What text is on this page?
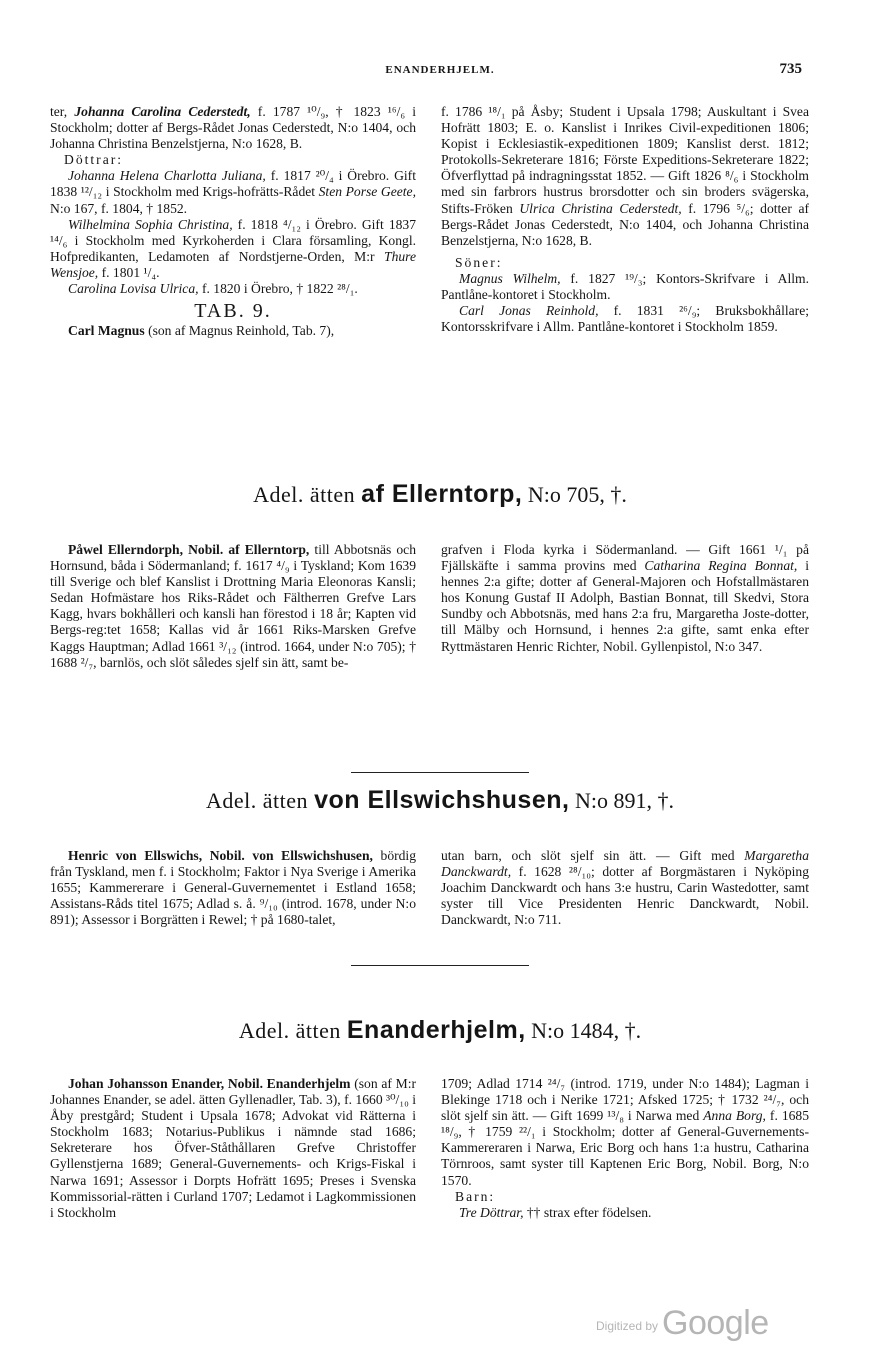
ENANDERHJELM.	735

ter, Johanna Carolina Cederstedt, f. 1787 ¹⁰/₉, † 1823 ¹⁶/₆ i Stockholm; dotter af Bergs-Rådet Jonas Cederstedt, N:o 1404, och Johanna Christina Benzelstjerna, N:o 1628, B.

Döttrar:

Johanna Helena Charlotta Juliana, f. 1817 ²⁰/₄ i Örebro. Gift 1838 ¹²/₁₂ i Stockholm med Krigs-hofrätts-Rådet Sten Porse Geete, N:o 167, f. 1804, † 1852.

Wilhelmina Sophia Christina, f. 1818 ⁴/₁₂ i Örebro. Gift 1837 ¹⁴/₆ i Stockholm med Kyrkoherden i Clara församling, Kongl. Hofpredikanten, Ledamoten af Nordstjerne-Orden, M:r Thure Wensjoe, f. 1801 ¹/₄.

Carolina Lovisa Ulrica, f. 1820 i Örebro, † 1822 ²⁸/₁.

TAB. 9.

Carl Magnus (son af Magnus Reinhold, Tab. 7),

f. 1786 ¹⁸/₁ på Åsby; Student i Upsala 1798; Auskultant i Svea Hofrätt 1803; E. o. Kanslist i Inrikes Civil-expeditionen 1806; Kopist i Ecklesiastik-expeditionen 1809; Kanslist derst. 1812; Protokolls-Sekreterare 1816; Förste Expeditions-Sekreterare 1822; Öfverflyttad på indragningsstat 1852. — Gift 1826 ⁸/₆ i Stockholm med sin farbrors hustrus brorsdotter och sin broders svägerska, Stifts-Fröken Ulrica Christina Cederstedt, f. 1796 ⁵/₆; dotter af Bergs-Rådet Jonas Cederstedt, N:o 1404, och Johanna Christina Benzelstjerna, N:o 1628, B.

Söner:

Magnus Wilhelm, f. 1827 ¹⁹/₃; Kontors-Skrifvare i Allm. Pantlåne-kontoret i Stockholm.

Carl Jonas Reinhold, f. 1831 ²⁶/₉; Bruksbokhållare; Kontorsskrifvare i Allm. Pantlåne-kontoret i Stockholm 1859.

Adel. ätten af Ellerntorp, N:o 705, †.

Påwel Ellerndorph, Nobil. af Ellerntorp, till Abbotsnäs och Hornsund, båda i Södermanland; f. 1617 ⁴/₉ i Tyskland; Kom 1639 till Sverige och blef Kanslist i Drottning Maria Eleonoras Kansli; Sedan Hofmästare hos Riks-Rådet och Fältherren Grefve Lars Kagg, hvars bokhålleri och kansli han förestod i 18 år; Kapten vid Bergs-reg:tet 1658; Kallas vid år 1661 Riks-Marsken Grefve Kaggs Hauptman; Adlad 1661 ³/₁₂ (introd. 1664, under N:o 705); † 1688 ²/₇, barnlös, och slöt således sjelf sin ätt, samt be-

grafven i Floda kyrka i Södermanland. — Gift 1661 ¹/₁ på Fjällskäfte i samma provins med Catharina Regina Bonnat, i hennes 2:a gifte; dotter af General-Majoren och Hofstallmästaren hos Konung Gustaf II Adolph, Bastian Bonnat, till Skedvi, Stora Sundby och Abbotsnäs, med hans 2:a fru, Margaretha Joste-dotter, till Mälby och Hornsund, i hennes 2:a gifte, samt enka efter Ryttmästaren Henric Richter, Nobil. Gyllenpistol, N:o 347.

Adel. ätten von Ellswichshusen, N:o 891, †.

Henric von Ellswichs, Nobil. von Ellswichshusen, bördig från Tyskland, men f. i Stockholm; Faktor i Nya Sverige i Amerika 1655; Kammererare i General-Guvernementet i Estland 1658; Assistans-Råds titel 1675; Adlad s. å. ⁹/₁₀ (introd. 1678, under N:o 891); Assessor i Borgrätten i Rewel; † på 1680-talet,

utan barn, och slöt sjelf sin ätt. — Gift med Margaretha Danckwardt, f. 1628 ²⁸/₁₀; dotter af Borgmästaren i Nyköping Joachim Danckwardt och hans 3:e hustru, Carin Wastedotter, samt syster till Vice Presidenten Henric Danckwardt, Nobil. Danckwardt, N:o 711.

Adel. ätten Enanderhjelm, N:o 1484, †.

Johan Johansson Enander, Nobil. Enanderhjelm (son af M:r Johannes Enander, se adel. ätten Gyllenadler, Tab. 3), f. 1660 ³⁰/₁₀ i Åby prestgård; Student i Upsala 1678; Advokat vid Rätterna i Stockholm 1683; Notarius-Publikus i nämnde stad 1686; Sekreterare hos Öfver-Ståthållaren Grefve Christoffer Gyllenstjerna 1689; General-Guvernements- och Krigs-Fiskal i Narwa 1691; Assessor i Dorpts Hofrätt 1695; Preses i Svenska Kommissorial-rätten i Curland 1707; Ledamot i Lagkommissionen i Stockholm

1709; Adlad 1714 ²⁴/₇ (introd. 1719, under N:o 1484); Lagman i Blekinge 1718 och i Nerike 1721; Afsked 1725; † 1732 ²⁴/₇, och slöt sjelf sin ätt. — Gift 1699 ¹³/₈ i Narwa med Anna Borg, f. 1685 ¹⁸/₉, † 1759 ²²/₁ i Stockholm; dotter af General-Guvernements-Kammereraren i Narwa, Eric Borg och hans 1:a hustru, Catharina Törnroos, samt syster till Kaptenen Eric Borg, Nobil. Borg, N:o 1570.

Barn:

Tre Döttrar, †† strax efter födelsen.

$^{Digitized by}$ Google
